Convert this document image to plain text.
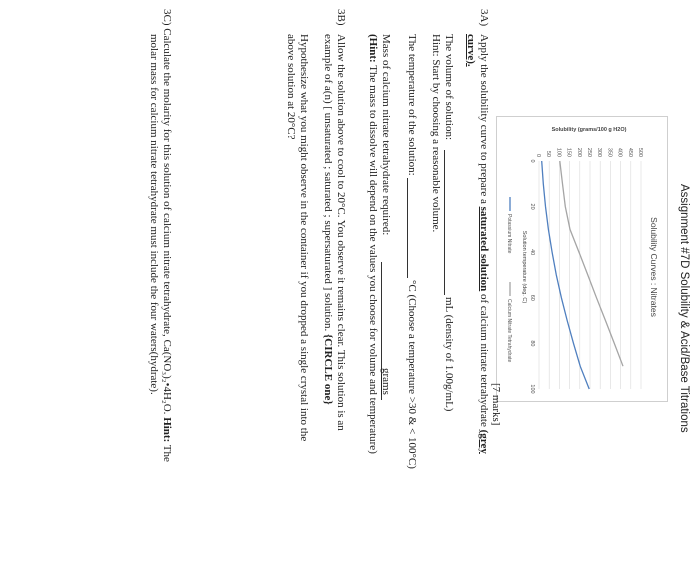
Assignment #7D Solubility & Acid/Base Titrations
Solubility Curves : Nitrates
0 50 100 150 200 250 300 350 400 450 500
0
20
40
60
80
100
Solubility (grams/100 g H2O)
Solution temperature (deg. C)
Potassium Nitrate
Calcium Nitrate Tetrahydrate
3A)
Apply the solubility curve to prepare a saturated solution of calcium nitrate tetrahydrate (grey
[7 marks]
curve).
The volume of solution:
mL (density of 1.00g/mL)
Hint: Start by choosing a reasonable volume.
The temperature of the solution:
°C (Choose a temperature >30 & < 100°C)
Mass of calcium nitrate tetrahydrate required:
grams
(Hint: The mass to dissolve will depend on the values you choose for volume and temperature)
3B)
Allow the solution above to cool to 20°C. You observe it remains clear. This solution is an
example of a(n) [ unsaturated ; saturated ; supersaturated ] solution. {CIRCLE one}
Hypothesize what you might observe in the container if you dropped a single crystal into the
above solution at 20°C?
3C) Calculate the molarity for this solution of calcium nitrate tetrahydrate, Ca(NO₃)₂•4H₂O. Hint: The
molar mass for calcium nitrate tetrahydrate must include the four waters(hydrate).
